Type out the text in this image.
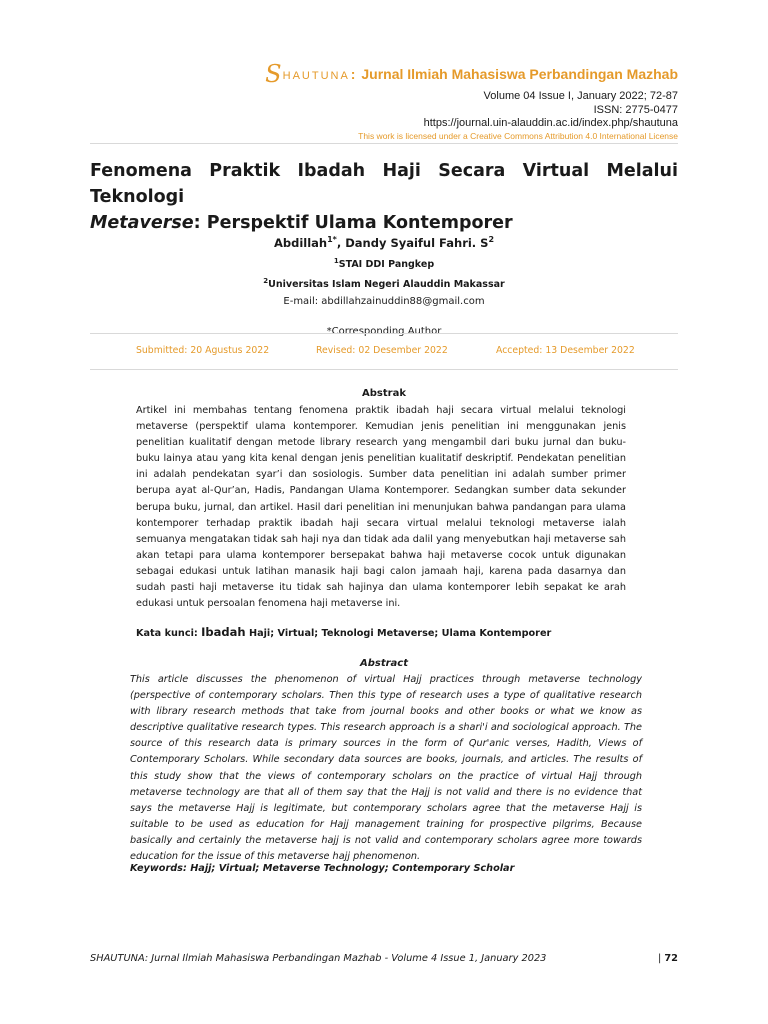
SHAUTUNA: Jurnal Ilmiah Mahasiswa Perbandingan Mazhab
Volume 04 Issue I, January 2022; 72-87
ISSN: 2775-0477
https://journal.uin-alauddin.ac.id/index.php/shautuna
This work is licensed under a Creative Commons Attribution 4.0 International License
Fenomena Praktik Ibadah Haji Secara Virtual Melalui Teknologi
Metaverse: Perspektif Ulama Kontemporer
Abdillah$^{1*}$, Dandy Syaiful Fahri. $S^2$
$^1$STAI DDI Pangkep
$^2$Universitas Islam Negeri Alauddin Makassar
E-mail: abdillahzainuddin88@gmail.com
*Corresponding Author
Submitted: 20 Agustus 2022	Revised: 02 Desember 2022	Accepted: 13 Desember 2022
Abstrak

Artikel ini membahas tentang fenomena praktik ibadah haji secara virtual melalui teknologi metaverse (perspektif ulama kontemporer. Kemudian jenis penelitian ini menggunakan jenis penelitian kualitatif dengan metode library research yang mengambil dari buku jurnal dan buku-buku lainya atau yang kita kenal dengan jenis penelitian kualitatif deskriptif. Pendekatan penelitian ini adalah pendekatan syar’i dan sosiologis. Sumber data penelitian ini adalah sumber primer berupa ayat al-Qur’an, Hadis, Pandangan Ulama Kontemporer. Sedangkan sumber data sekunder berupa buku, jurnal, dan artikel. Hasil dari penelitian ini menunjukan bahwa pandangan para ulama kontemporer terhadap praktik ibadah haji secara virtual melalui teknologi metaverse ialah semuanya mengatakan tidak sah haji nya dan tidak ada dalil yang menyebutkan haji metaverse sah akan tetapi para ulama kontemporer bersepakat bahwa haji metaverse cocok untuk digunakan sebagai edukasi untuk latihan manasik haji bagi calon jamaah haji, karena pada dasarnya dan sudah pasti haji metaverse itu tidak sah hajinya dan ulama kontemporer lebih sepakat ke arah edukasi untuk persoalan fenomena haji metaverse ini.

Kata kunci: Ibadah Haji; Virtual; Teknologi Metaverse; Ulama Kontemporer
Abstract

This article discusses the phenomenon of virtual Hajj practices through metaverse technology (perspective of contemporary scholars. Then this type of research uses a type of qualitative research with library research methods that take from journal books and other books or what we know as descriptive qualitative research types. This research approach is a shari'i and sociological approach. The source of this research data is primary sources in the form of Qur'anic verses, Hadith, Views of Contemporary Scholars. While secondary data sources are books, journals, and articles. The results of this study show that the views of contemporary scholars on the practice of virtual Hajj through metaverse technology are that all of them say that the Hajj is not valid and there is no evidence that says the metaverse Hajj is legitimate, but contemporary scholars agree that the metaverse Hajj is suitable to be used as education for Hajj management training for prospective pilgrims, Because basically and certainly the metaverse hajj is not valid and contemporary scholars agree more towards education for the issue of this metaverse hajj phenomenon.

Keywords: Hajj; Virtual; Metaverse Technology; Contemporary Scholar
SHAUTUNA: Jurnal Ilmiah Mahasiswa Perbandingan Mazhab - Volume 4 Issue 1, January 2023	| 72
